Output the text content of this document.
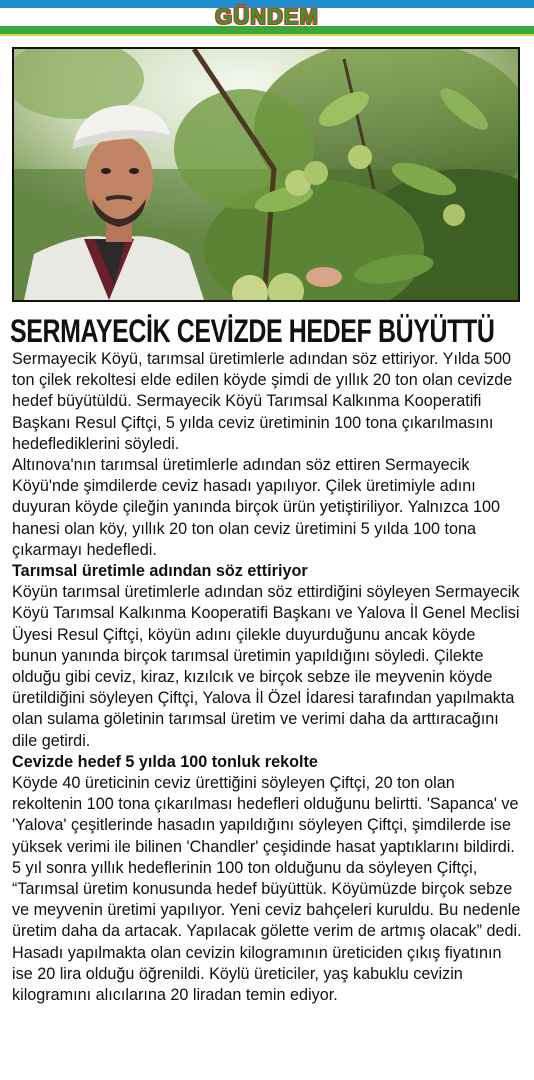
GÜNDEM
SERMAYECİK CEVİZDE HEDEF BÜYÜTTÜ

Sermayecik Köyü, tarımsal üretimlerle adından söz ettiriyor. Yılda 500 ton çilek rekoltesi elde edilen köyde şimdi de yıllık 20 ton olan cevizde hedef büyütüldü. Sermayecik Köyü Tarımsal Kalkınma Kooperatifi Başkanı Resul Çiftçi, 5 yılda ceviz üretiminin 100 tona çıkarılmasını hedeflediklerini söyledi.

Altınova'nın tarımsal üretimlerle adından söz ettiren Sermayecik Köyü'nde şimdilerde ceviz hasadı yapılıyor. Çilek üretimiyle adını duyuran köyde çileğin yanında birçok ürün yetiştiriliyor. Yalnızca 100 hanesi olan köy, yıllık 20 ton olan ceviz üretimini 5 yılda 100 tona çıkarmayı hedefledi.

Tarımsal üretimle adından söz ettiriyor

Köyün tarımsal üretimlerle adından söz ettirdiğini söyleyen Sermayecik Köyü Tarımsal Kalkınma Kooperatifi Başkanı ve Yalova İl Genel Meclisi Üyesi Resul Çiftçi, köyün adını çilekle duyurduğunu ancak köyde bunun yanında birçok tarımsal üretimin yapıldığını söyledi. Çilekte olduğu gibi ceviz, kiraz, kızılcık ve birçok sebze ile meyvenin köyde üretildiğini söyleyen Çiftçi, Yalova İl Özel İdaresi tarafından yapılmakta olan sulama göletinin tarımsal üretim ve verimi daha da arttıracağını dile getirdi.

Cevizde hedef 5 yılda 100 tonluk rekolte

Köyde 40 üreticinin ceviz ürettiğini söyleyen Çiftçi, 20 ton olan rekoltenin 100 tona çıkarılması hedefleri olduğunu belirtti. 'Sapanca' ve 'Yalova' çeşitlerinde hasadın yapıldığını söyleyen Çiftçi, şimdilerde ise yüksek verimi ile bilinen 'Chandler' çeşidinde hasat yaptıklarını bildirdi. 5 yıl sonra yıllık hedeflerinin 100 ton olduğunu da söyleyen Çiftçi, “Tarımsal üretim konusunda hedef büyüttük. Köyümüzde birçok sebze ve meyvenin üretimi yapılıyor. Yeni ceviz bahçeleri kuruldu. Bu nedenle üretim daha da artacak. Yapılacak gölette verim de artmış olacak” dedi.

Hasadı yapılmakta olan cevizin kilogramının üreticiden çıkış fiyatının ise 20 lira olduğu öğrenildi. Köylü üreticiler, yaş kabuklu cevizin kilogramını alıcılarına 20 liradan temin ediyor.
